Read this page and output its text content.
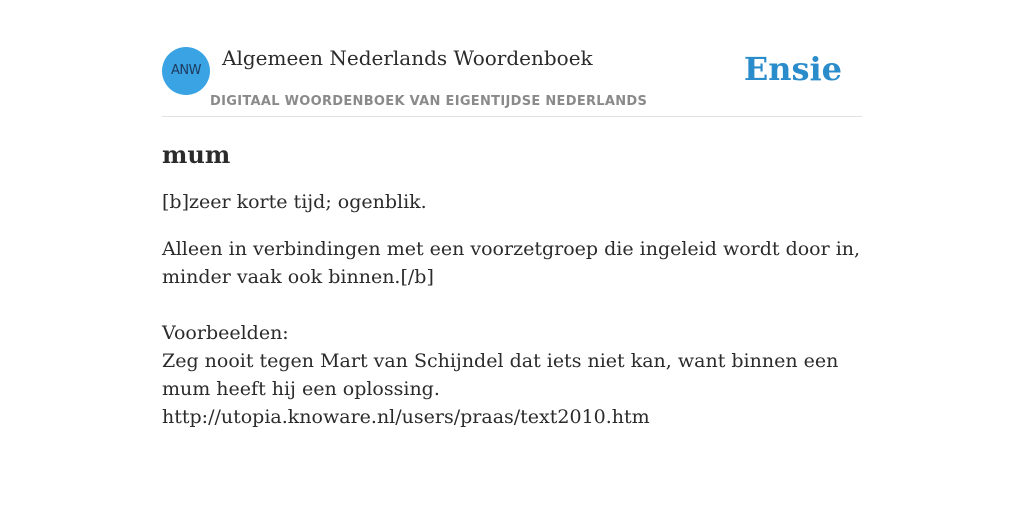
ANW
Algemeen Nederlands Woordenboek
DIGITAAL WOORDENBOEK VAN EIGENTIJDSE NEDERLANDS
Ensie
mum

[b]zeer korte tijd; ogenblik.

Alleen in verbindingen met een voorzetgroep die ingeleid wordt door in, minder vaak ook binnen.[/b]

Voorbeelden:
Zeg nooit tegen Mart van Schijndel dat iets niet kan, want binnen een mum heeft hij een oplossing.
http://utopia.knoware.nl/users/praas/text2010.htm
